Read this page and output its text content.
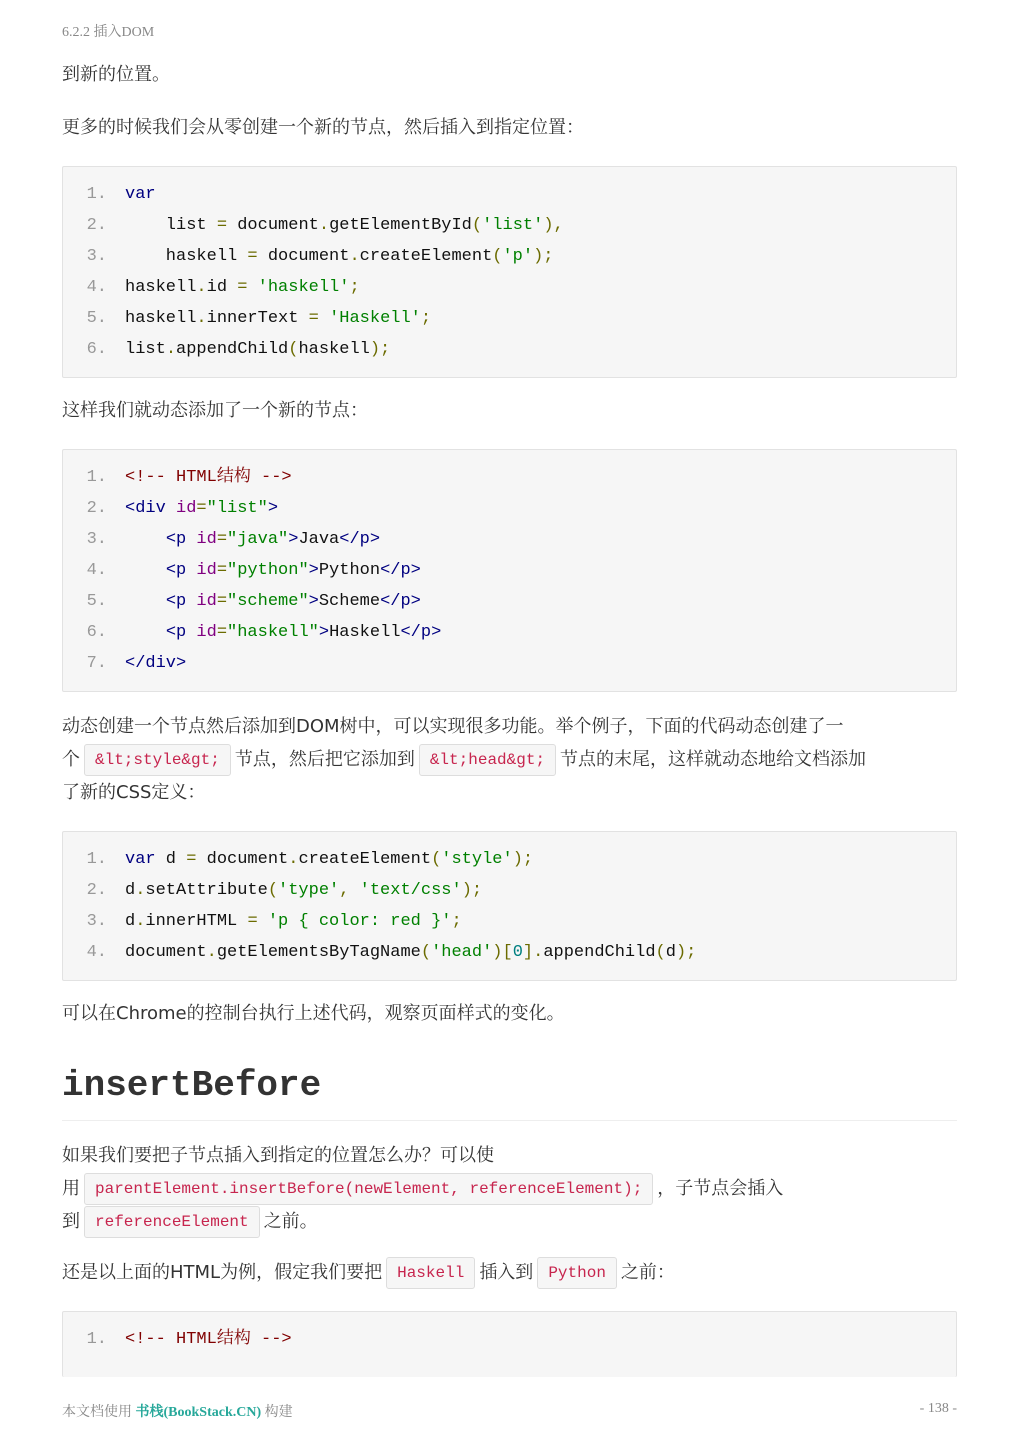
6.2.2 插入DOM

到新的位置。

更多的时候我们会从零创建一个新的节点，然后插入到指定位置：

1.	var
2.	list = document.getElementById('list'),
3.	haskell = document.createElement('p');
4.	haskell.id = 'haskell';
5.	haskell.innerText = 'Haskell';
6.	list.appendChild(haskell);

这样我们就动态添加了一个新的节点：

1.	<!-- HTML结构 -->
2.	<div id="list">
3.	<p id="java">Java</p>
4.	<p id="python">Python</p>
5.	<p id="scheme">Scheme</p>
6.	<p id="haskell">Haskell</p>
7.	</div>

动态创建一个节点然后添加到DOM树中，可以实现很多功能。举个例子，下面的代码动态创建了一

个 &lt;style&gt; 节点，然后把它添加到 &lt;head&gt; 节点的末尾，这样就动态地给文档添加

了新的CSS定义：

1.	var d = document.createElement('style');
2.	d.setAttribute('type', 'text/css');
3.	d.innerHTML = 'p { color: red }';
4.	document.getElementsByTagName('head')[0].appendChild(d);

可以在Chrome的控制台执行上述代码，观察页面样式的变化。

insertBefore

如果我们要把子节点插入到指定的位置怎么办？可以使

用 parentElement.insertBefore(newElement, referenceElement); ，子节点会插入

到 referenceElement 之前。

还是以上面的HTML为例，假定我们要把 Haskell 插入到 Python 之前：

1.	<!-- HTML结构 -->
本文档使用 书栈(BookStack.CN) 构建	- 138 -
